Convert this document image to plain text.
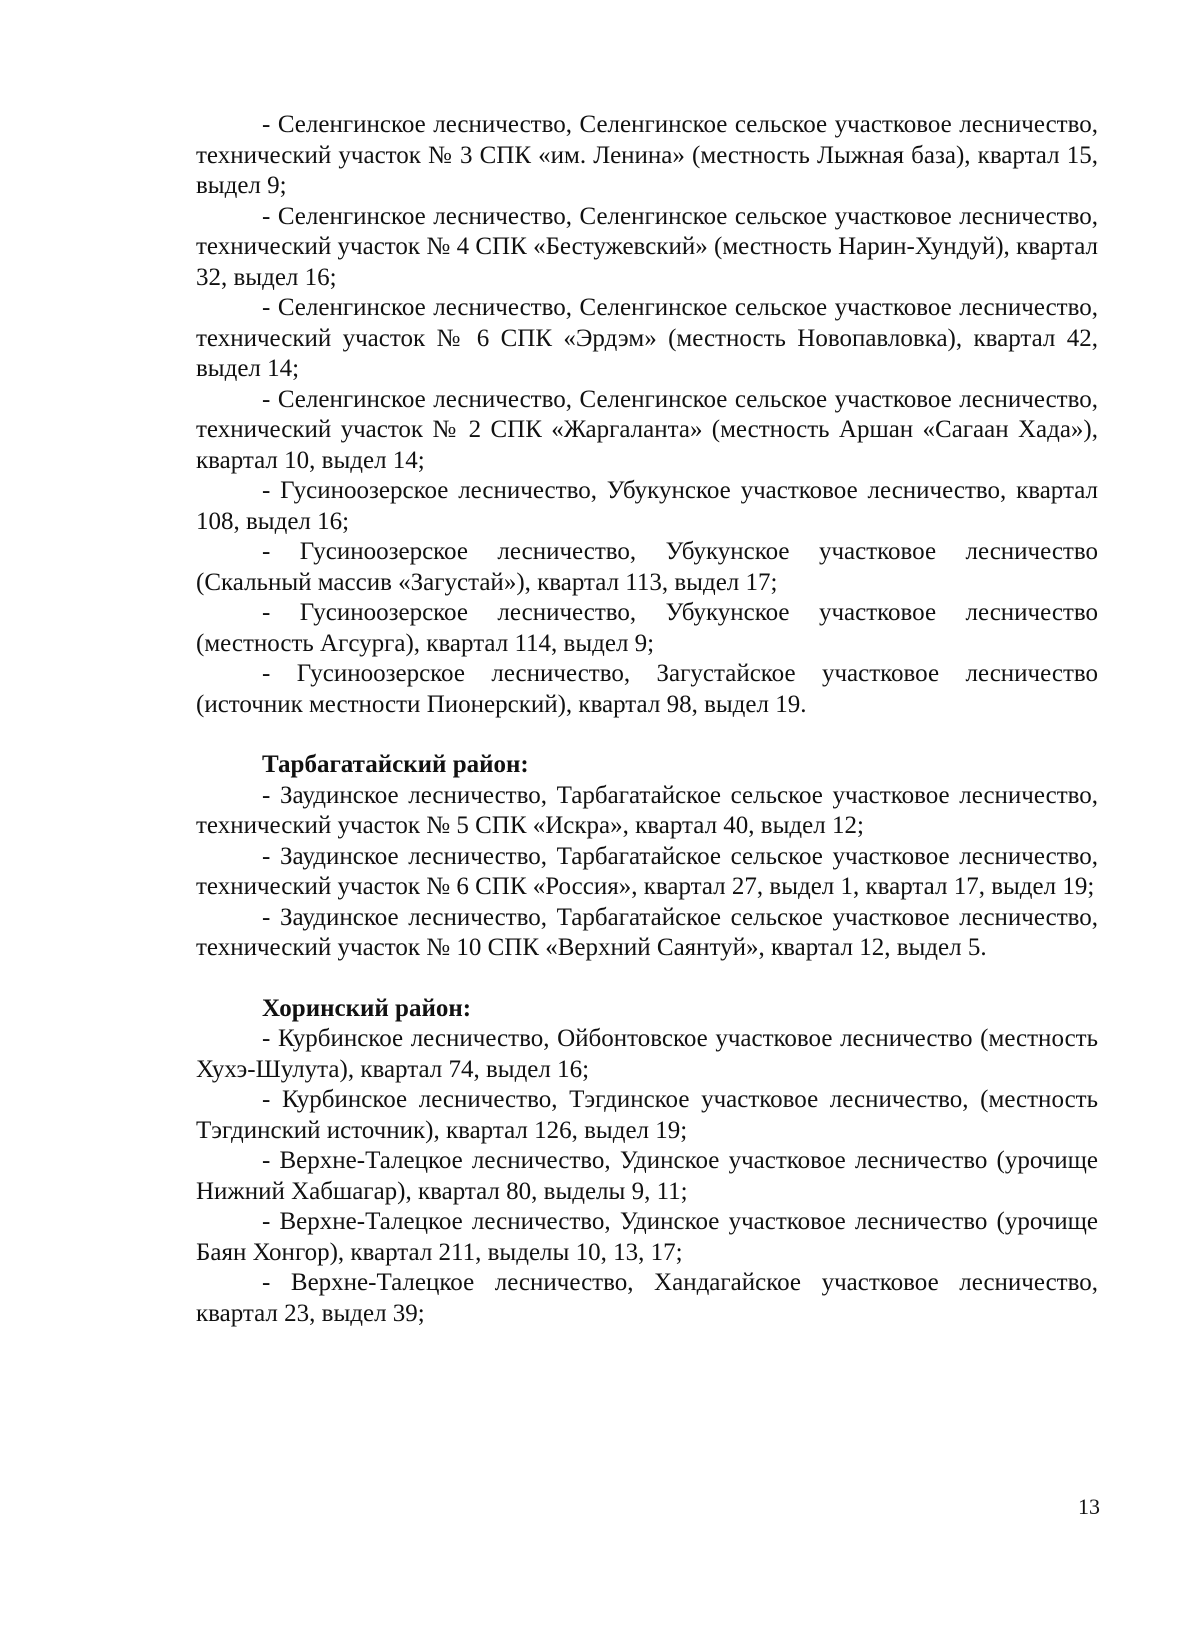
- Селенгинское лесничество, Селенгинское сельское участковое лесничество, технический участок № 3 СПК «им. Ленина» (местность Лыжная база), квартал 15, выдел 9;

- Селенгинское лесничество, Селенгинское сельское участковое лесничество, технический участок № 4 СПК «Бестужевский» (местность Нарин-Хундуй), квартал 32, выдел 16;

- Селенгинское лесничество, Селенгинское сельское участковое лесничество, технический участок № 6 СПК «Эрдэм» (местность Новопавловка), квартал 42, выдел 14;

- Селенгинское лесничество, Селенгинское сельское участковое лесничество, технический участок № 2 СПК «Жаргаланта» (местность Аршан «Сагаан Хада»), квартал 10, выдел 14;

- Гусиноозерское лесничество, Убукунское участковое лесничество, квартал 108, выдел 16;

- Гусиноозерское лесничество, Убукунское участковое лесничество (Скальный массив «Загустай»), квартал 113, выдел 17;

- Гусиноозерское лесничество, Убукунское участковое лесничество (местность Агсурга), квартал 114, выдел 9;

- Гусиноозерское лесничество, Загустайское участковое лесничество (источник местности Пионерский), квартал 98, выдел 19.

Тарбагатайский район:

- Заудинское лесничество, Тарбагатайское сельское участковое лесничество, технический участок № 5 СПК «Искра», квартал 40, выдел 12;

- Заудинское лесничество, Тарбагатайское сельское участковое лесничество, технический участок № 6 СПК «Россия», квартал 27, выдел 1, квартал 17, выдел 19;

- Заудинское лесничество, Тарбагатайское сельское участковое лесничество, технический участок № 10 СПК «Верхний Саянтуй», квартал 12, выдел 5.

Хоринский район:

- Курбинское лесничество, Ойбонтовское участковое лесничество (местность Хухэ-Шулута), квартал 74, выдел 16;

- Курбинское лесничество, Тэгдинское участковое лесничество, (местность Тэгдинский источник), квартал 126, выдел 19;

- Верхне-Талецкое лесничество, Удинское участковое лесничество (урочище Нижний Хабшагар), квартал 80, выделы 9, 11;

- Верхне-Талецкое лесничество, Удинское участковое лесничество (урочище Баян Хонгор), квартал 211, выделы 10, 13, 17;

- Верхне-Талецкое лесничество, Хандагайское участковое лесничество, квартал 23, выдел 39;

13
